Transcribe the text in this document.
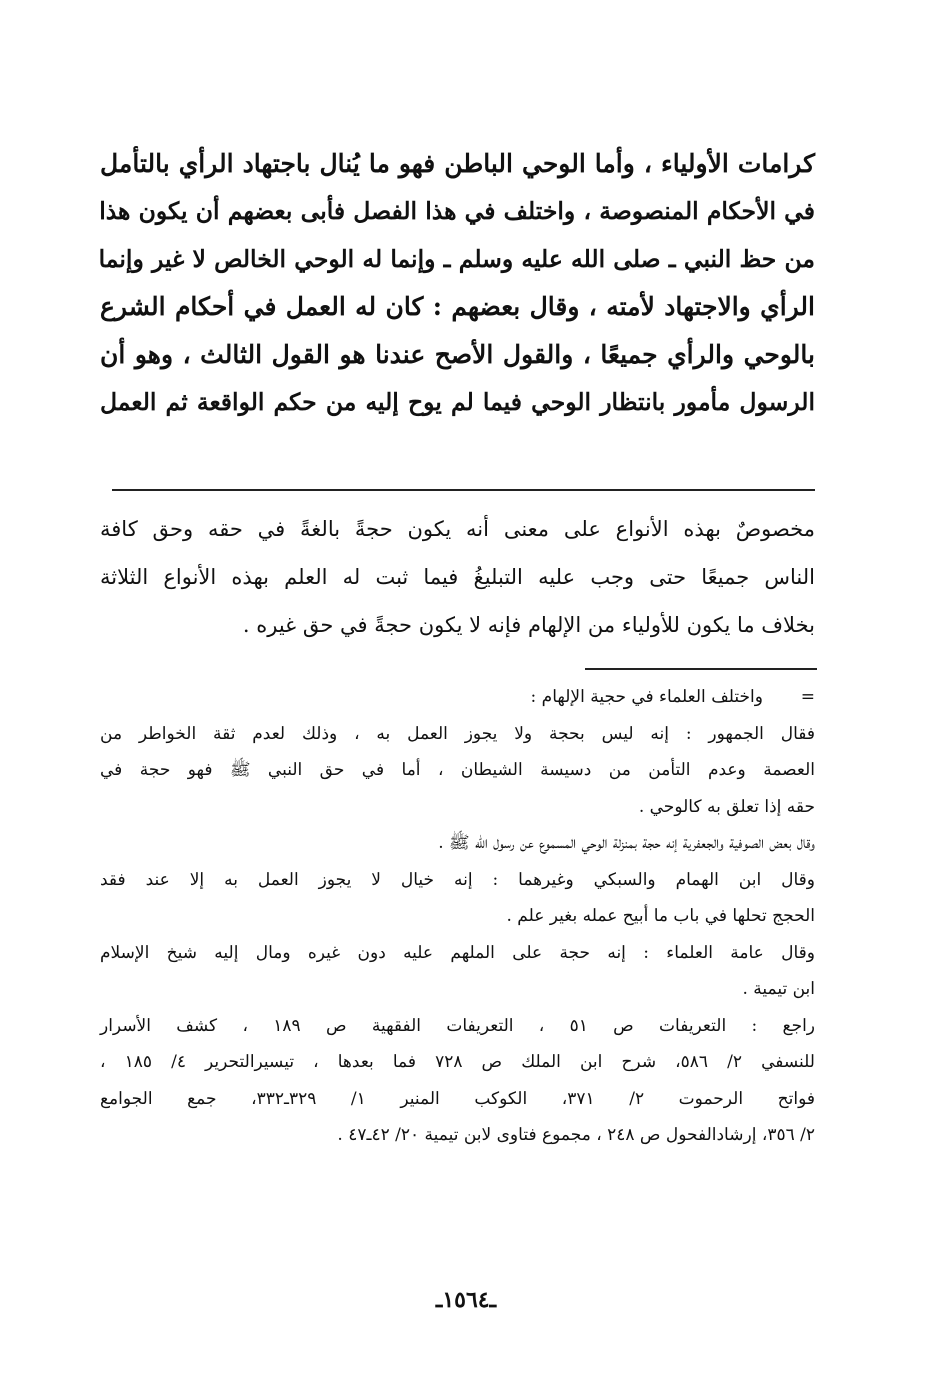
كرامات الأولياء ، وأما الوحي الباطن فهو ما يُنال باجتهاد الرأي بالتأمل
في الأحكام المنصوصة ، واختلف في هذا الفصل فأبى بعضهم أن يكون هذا
من حظ النبي ـ صلى الله عليه وسلم ـ وإنما له الوحي الخالص لا غير وإنما
الرأي والاجتهاد لأمته ، وقال بعضهم : كان له العمل في أحكام الشرع
بالوحي والرأي جميعًا ، والقول الأصح عندنا هو القول الثالث ، وهو أن
الرسول مأمور بانتظار الوحي فيما لم يوح إليه من حكم الواقعة ثم العمل
مخصوصٌ بهذه الأنواع على معنى أنه يكون حجةً بالغةً في حقه وحق كافة
الناس جميعًا حتى وجب عليه التبليغُ فيما ثبت له العلم بهذه الأنواع الثلاثة
بخلاف ما يكون للأولياء من الإلهام فإنه لا يكون حجةً في حق غيره .
=
واختلف العلماء في حجية الإلهام :
فقال الجمهور : إنه ليس بحجة ولا يجوز العمل به ، وذلك لعدم ثقة الخواطر من
العصمة وعدم التأمن من دسيسة الشيطان ، أما في حق النبي ﷺ فهو حجة في
حقه إذا تعلق به كالوحي .
وقال بعض الصوفية والجعفرية إنه حجة بمنزلة الوحي المسموع عن رسول الله ﷺ .
وقال ابن الهمام والسبكي وغيرهما : إنه خيال لا يجوز العمل به إلا عند فقد
الحجج تحلها في باب ما أبيح عمله بغير علم .
وقال عامة العلماء : إنه حجة على الملهم عليه دون غيره ومال إليه شيخ الإسلام
ابن تيمية .
راجع : التعريفات ص ٥١ ، التعريفات الفقهية ص ١٨٩ ، كشف الأسرار
للنسفي ٢/ ٥٨٦، شرح ابن الملك ص ٧٢٨ فما بعدها ، تيسيرالتحرير ٤/ ١٨٥ ،
فواتح الرحموت ٢/ ٣٧١، الكوكب المنير ١/ ٣٢٩ـ٣٣٢، جمع الجوامع
٢/ ٣٥٦، إرشادالفحول ص ٢٤٨ ، مجموع فتاوى لابن تيمية ٢٠/ ٤٢ـ٤٧ .
ـ١٥٦٤ـ
